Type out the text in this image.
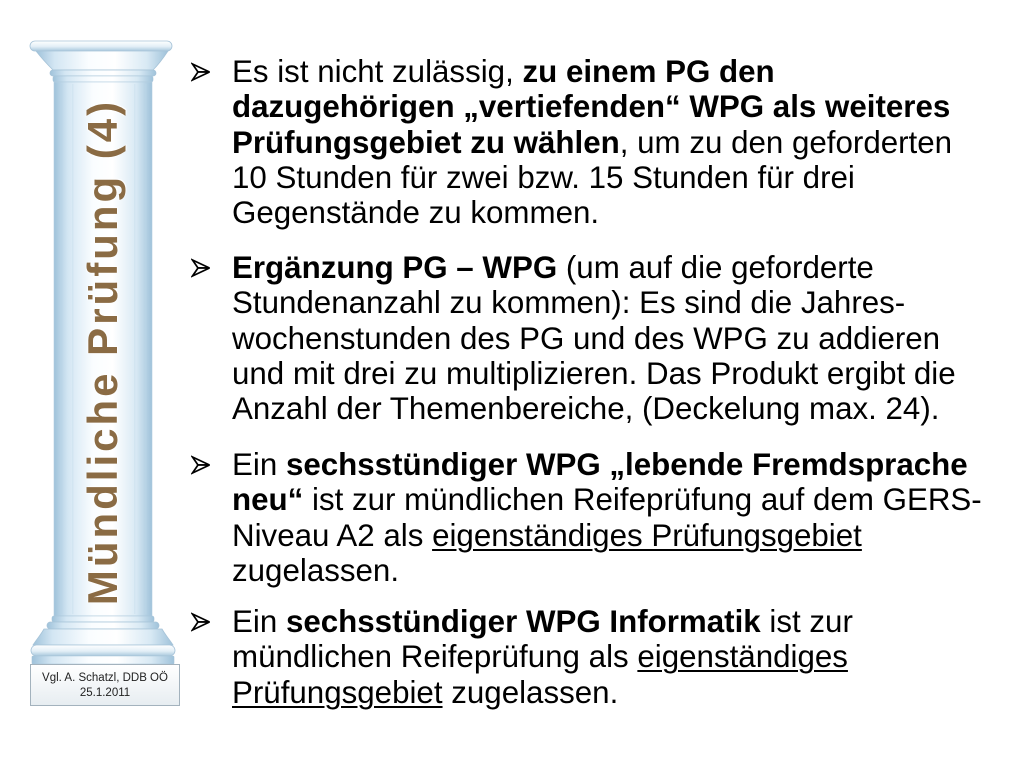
Mündliche Prüfung (4)
Vgl. A. Schatzl, DDB OÖ
25.1.2011
Es ist nicht zulässig, zu einem PG den
dazugehörigen „vertiefenden“ WPG als weiteres
Prüfungsgebiet zu wählen, um zu den geforderten
10 Stunden für zwei bzw. 15 Stunden für drei
Gegenstände zu kommen.
Ergänzung PG – WPG (um auf die geforderte
Stundenanzahl zu kommen): Es sind die Jahres-
wochenstunden des PG und des WPG zu addieren
und mit drei zu multiplizieren. Das Produkt ergibt die
Anzahl der Themenbereiche, (Deckelung max. 24).
Ein sechsstündiger WPG „lebende Fremdsprache
neu“ ist zur mündlichen Reifeprüfung auf dem GERS-
Niveau A2 als eigenständiges Prüfungsgebiet
zugelassen.
Ein sechsstündiger WPG Informatik ist zur
mündlichen Reifeprüfung als eigenständiges
Prüfungsgebiet zugelassen.
